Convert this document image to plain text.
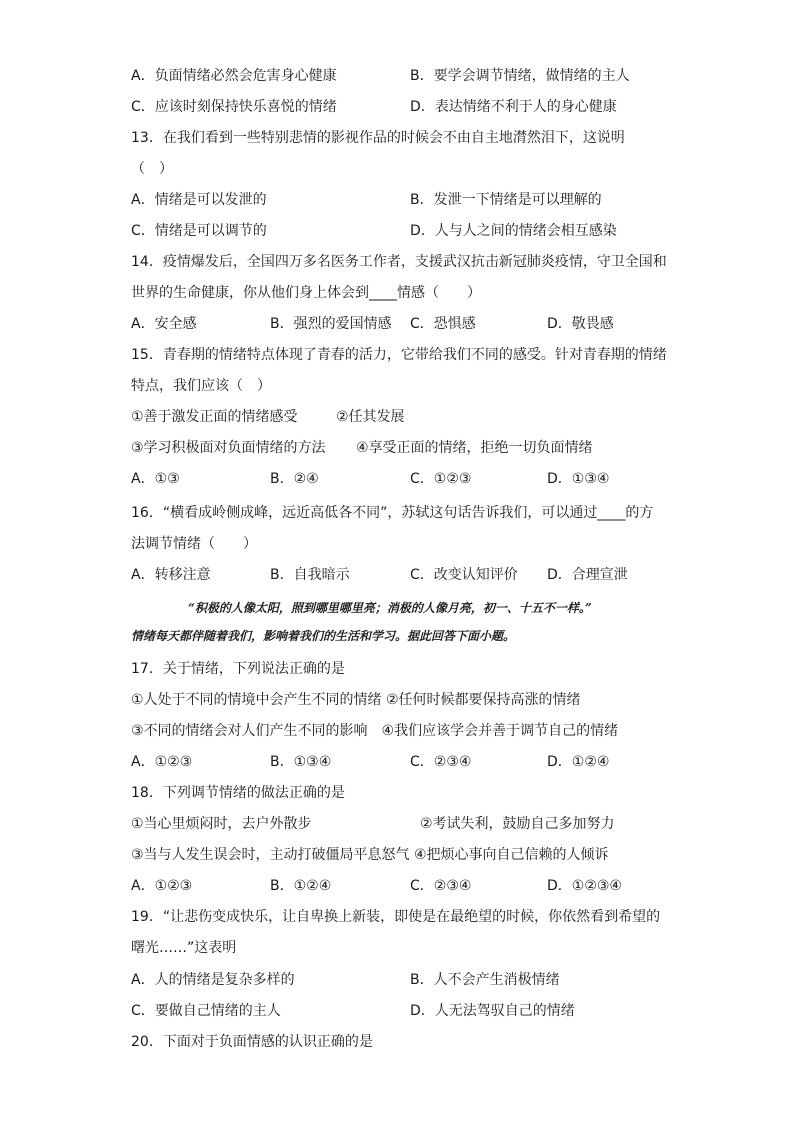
A．负面情绪必然会危害身心健康	B．要学会调节情绪，做情绪的主人
C．应该时刻保持快乐喜悦的情绪	D．表达情绪不利于人的身心健康
13．在我们看到一些特别悲情的影视作品的时候会不由自主地潸然泪下，这说明
（　）
A．情绪是可以发泄的	B．发泄一下情绪是可以理解的
C．情绪是可以调节的	D．人与人之间的情绪会相互感染
14．疫情爆发后，全国四万多名医务工作者，支援武汉抗击新冠肺炎疫情，守卫全国和
世界的生命健康，你从他们身上体会到____情感（　　）
A．安全感	B．强烈的爱国情感 C．恐惧感	D．敬畏感
15．青春期的情绪特点体现了青春的活力，它带给我们不同的感受。针对青春期的情绪
特点，我们应该（　）
①善于激发正面的情绪感受	②任其发展
③学习积极面对负面情绪的方法 ④享受正面的情绪，拒绝一切负面情绪
A．①③	B．②④	C．①②③	D．①③④
16．“横看成岭侧成峰，远近高低各不同”，苏轼这句话告诉我们，可以通过____的方
法调节情绪（　　）
A．转移注意	B．自我暗示	C．改变认知评价 D．合理宣泄
“积极的人像太阳，照到哪里哪里亮；消极的人像月亮，初一、十五不一样。”
情绪每天都伴随着我们，影响着我们的生活和学习。据此回答下面小题。
17．关于情绪，下列说法正确的是
①人处于不同的情境中会产生不同的情绪 ②任何时候都要保持高涨的情绪
③不同的情绪会对人们产生不同的影响　④我们应该学会并善于调节自己的情绪
A．①②③	B．①③④	C．②③④	D．①②④
18．下列调节情绪的做法正确的是
①当心里烦闷时，去户外散步	②考试失利，鼓励自己多加努力
③当与人发生误会时，主动打破僵局平息怒气 ④把烦心事向自己信赖的人倾诉
A．①②③	B．①②④	C．②③④	D．①②③④
19．“让悲伤变成快乐，让自卑换上新装，即使是在最绝望的时候，你依然看到希望的
曙光……”这表明
A．人的情绪是复杂多样的	B．人不会产生消极情绪
C．要做自己情绪的主人	D．人无法驾驭自己的情绪
20．下面对于负面情感的认识正确的是
